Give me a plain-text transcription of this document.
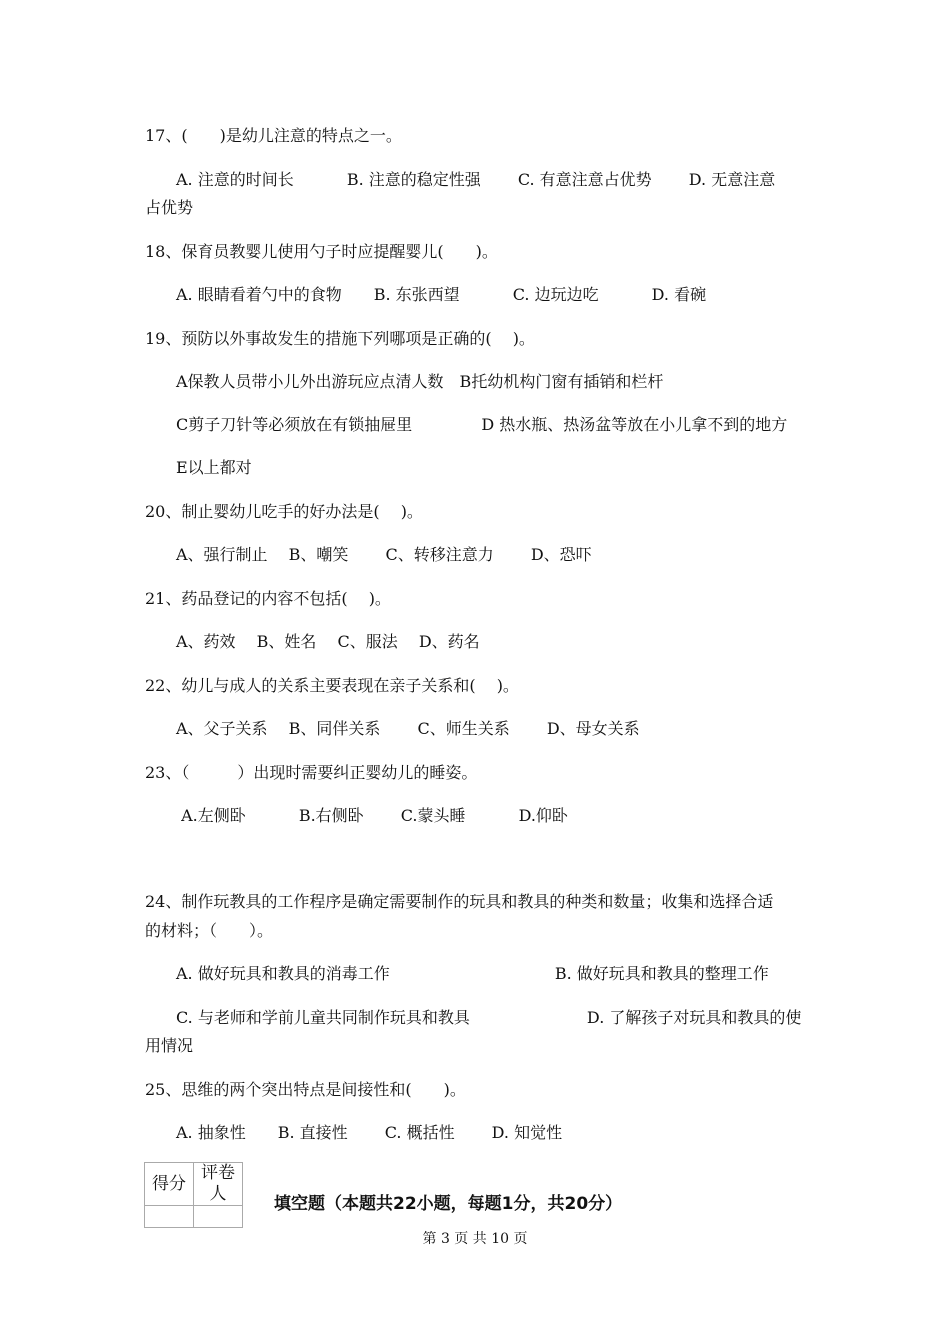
17、(　　)是幼儿注意的特点之一。
A. 注意的时间长　　　 B. 注意的稳定性强　　 C. 有意注意占优势　　 D. 无意注意
占优势
18、保育员教婴儿使用勺子时应提醒婴儿(　　)。
A. 眼睛看着勺中的食物　　B. 东张西望　　　 C. 边玩边吃　　　 D. 看碗
19、预防以外事故发生的措施下列哪项是正确的(　 )。
A保教人员带小儿外出游玩应点清人数　B托幼机构门窗有插销和栏杆
C剪子刀针等必须放在有锁抽屉里　　　　 D 热水瓶、热汤盆等放在小儿拿不到的地方
E以上都对
20、制止婴幼儿吃手的好办法是(　 )。
A、强行制止　 B、嘲笑　　 C、转移注意力　　 D、恐吓
21、药品登记的内容不包括(　 )。
A、药效　 B、姓名　 C、服法　 D、药名
22、幼儿与成人的关系主要表现在亲子关系和(　 )。
A、父子关系　 B、同伴关系　　 C、师生关系　　 D、母女关系
23、（　　　）出现时需要纠正婴幼儿的睡姿。
A.左侧卧　　　 B.右侧卧　　 C.蒙头睡　　　 D.仰卧
24、制作玩教具的工作程序是确定需要制作的玩具和教具的种类和数量；收集和选择合适
的材料；（　　）。
A. 做好玩具和教具的消毒工作　　　　　　　　　　 B. 做好玩具和教具的整理工作
C. 与老师和学前儿童共同制作玩具和教具　　　　　　　 D. 了解孩子对玩具和教具的使
用情况
25、思维的两个突出特点是间接性和(　　)。
A. 抽象性　　B. 直接性　　 C. 概括性　　 D. 知觉性
得分	评卷人
		填空题（本题共22小题，每题1分，共20分）
第 3 页 共 10 页
